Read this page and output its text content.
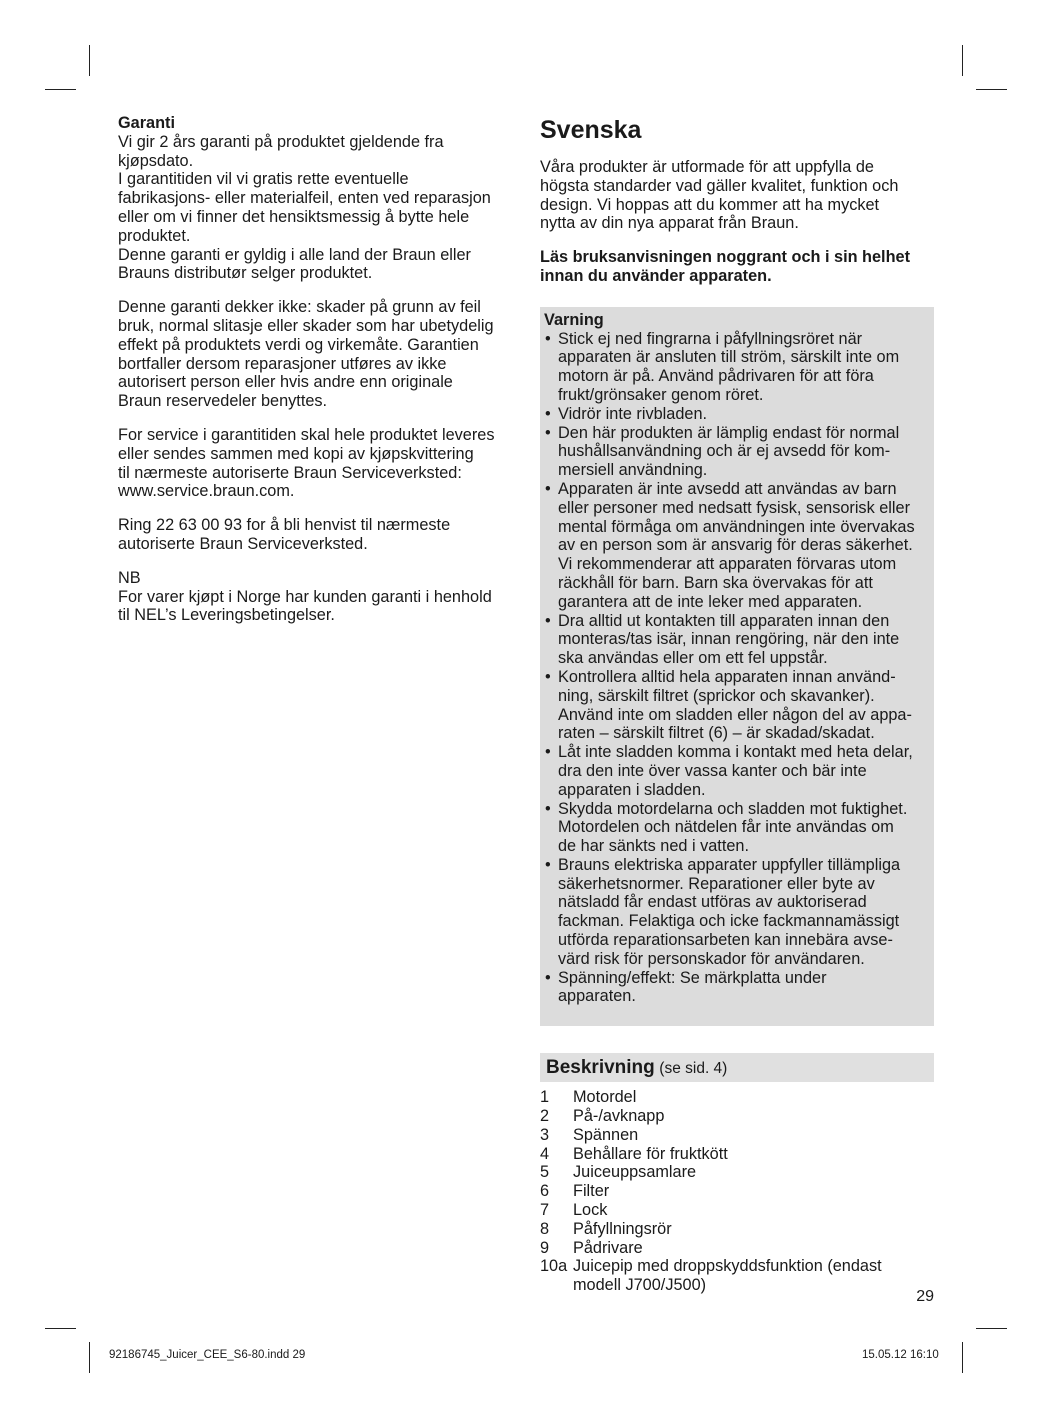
Garanti

Vi gir 2 års garanti på produktet gjeldende fra
kjøpsdato.
I garantitiden vil vi gratis rette eventuelle
fabrikasjons- eller materialfeil, enten ved reparasjon
eller om vi finner det hensiktsmessig å bytte hele
produktet.
Denne garanti er gyldig i alle land der Braun eller
Brauns distributør selger produktet.

Denne garanti dekker ikke: skader på grunn av feil
bruk, normal slitasje eller skader som har ubetydelig
effekt på produktets verdi og virkemåte. Garantien
bortfaller dersom reparasjoner utføres av ikke
autorisert person eller hvis andre enn originale
Braun reservedeler benyttes.

For service i garantitiden skal hele produktet leveres
eller sendes sammen med kopi av kjøpskvittering
til nærmeste autoriserte Braun Serviceverksted:
www.service.braun.com.

Ring 22 63 00 93 for å bli henvist til nærmeste
autoriserte Braun Serviceverksted.

NB
For varer kjøpt i Norge har kunden garanti i henhold
til NEL’s Leveringsbetingelser.

Svenska

Våra produkter är utformade för att uppfylla de
högsta standarder vad gäller kvalitet, funktion och
design. Vi hoppas att du kommer att ha mycket
nytta av din nya apparat från Braun.

Läs bruksanvisningen noggrant och i sin helhet
innan du använder apparaten.

Varning
• Stick ej ned fingrarna i påfyllningsröret när
apparaten är ansluten till ström, särskilt inte om
motorn är på. Använd pådrivaren för att föra
frukt/grönsaker genom röret.
• Vidrör inte rivbladen.
• Den här produkten är lämplig endast för normal
hushållsanvändning och är ej avsedd för kom-
mersiell användning.
• Apparaten är inte avsedd att användas av barn
eller personer med nedsatt fysisk, sensorisk eller
mental förmåga om användningen inte övervakas
av en person som är ansvarig för deras säkerhet.
Vi rekommenderar att apparaten förvaras utom
räckhåll för barn. Barn ska övervakas för att
garantera att de inte leker med apparaten.
• Dra alltid ut kontakten till apparaten innan den
monteras/tas isär, innan rengöring, när den inte
ska användas eller om ett fel uppstår.
• Kontrollera alltid hela apparaten innan använd-
ning, särskilt filtret (sprickor och skavanker).
Använd inte om sladden eller någon del av appa-
raten – särskilt filtret (6) – är skadad/skadat.
• Låt inte sladden komma i kontakt med heta delar,
dra den inte över vassa kanter och bär inte
apparaten i sladden.
• Skydda motordelarna och sladden mot fuktighet.
Motordelen och nätdelen får inte användas om
de har sänkts ned i vatten.
• Brauns elektriska apparater uppfyller tillämpliga
säkerhetsnormer. Reparationer eller byte av
nätsladd får endast utföras av auktoriserad
fackman. Felaktiga och icke fackmannamässigt
utförda reparationsarbeten kan innebära avse-
värd risk för personskador för användaren.
• Spänning/effekt: Se märkplatta under
apparaten.
Beskrivning (se sid. 4)
1	Motordel
2	På-/avknapp
3	Spännen
4	Behållare för fruktkött
5	Juiceuppsamlare
6	Filter
7	Lock
8	Påfyllningsrör
9	Pådrivare
10a Juicepip med droppskyddsfunktion (endast
modell J700/J500)
29
92186745_Juicer_CEE_S6-80.indd 29	15.05.12 16:10
